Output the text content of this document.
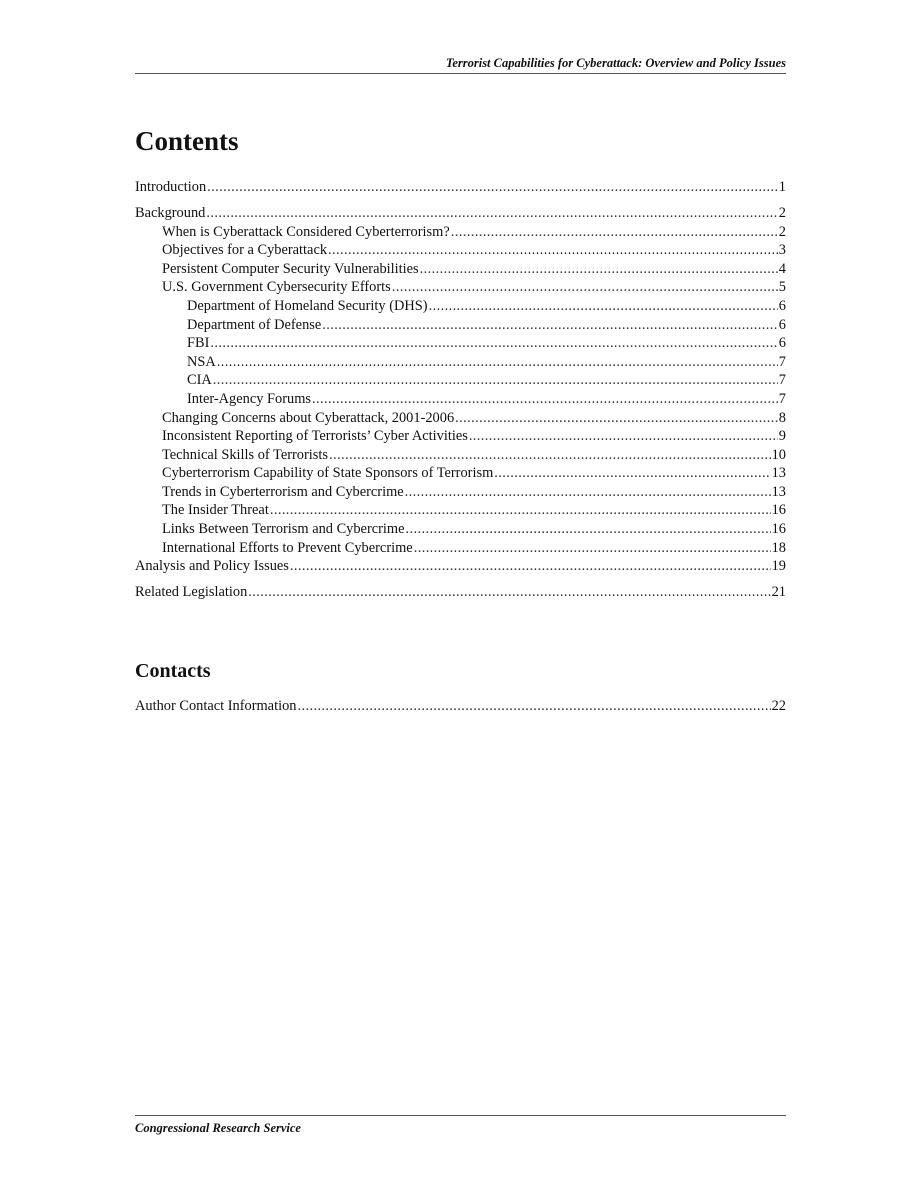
Terrorist Capabilities for Cyberattack: Overview and Policy Issues
Contents
Introduction . . .	1
Background . . .	2
When is Cyberattack Considered Cyberterrorism? . . .	2
Objectives for a Cyberattack . . .	3
Persistent Computer Security Vulnerabilities . . .	4
U.S. Government Cybersecurity Efforts . . .	5
Department of Homeland Security (DHS) . . .	6
Department of Defense . . .	6
FBI . . .	6
NSA . . .	7
CIA . . .	7
Inter-Agency Forums . . .	7
Changing Concerns about Cyberattack, 2001-2006 . . .	8
Inconsistent Reporting of Terrorists’ Cyber Activities . . .	9
Technical Skills of Terrorists . . .	10
Cyberterrorism Capability of State Sponsors of Terrorism . . .	13
Trends in Cyberterrorism and Cybercrime . . .	13
The Insider Threat . . .	16
Links Between Terrorism and Cybercrime . . .	16
International Efforts to Prevent Cybercrime . . .	18
Analysis and Policy Issues . . .	19
Related Legislation . . .	21
Contacts
Author Contact Information . . .	22
Congressional Research Service
